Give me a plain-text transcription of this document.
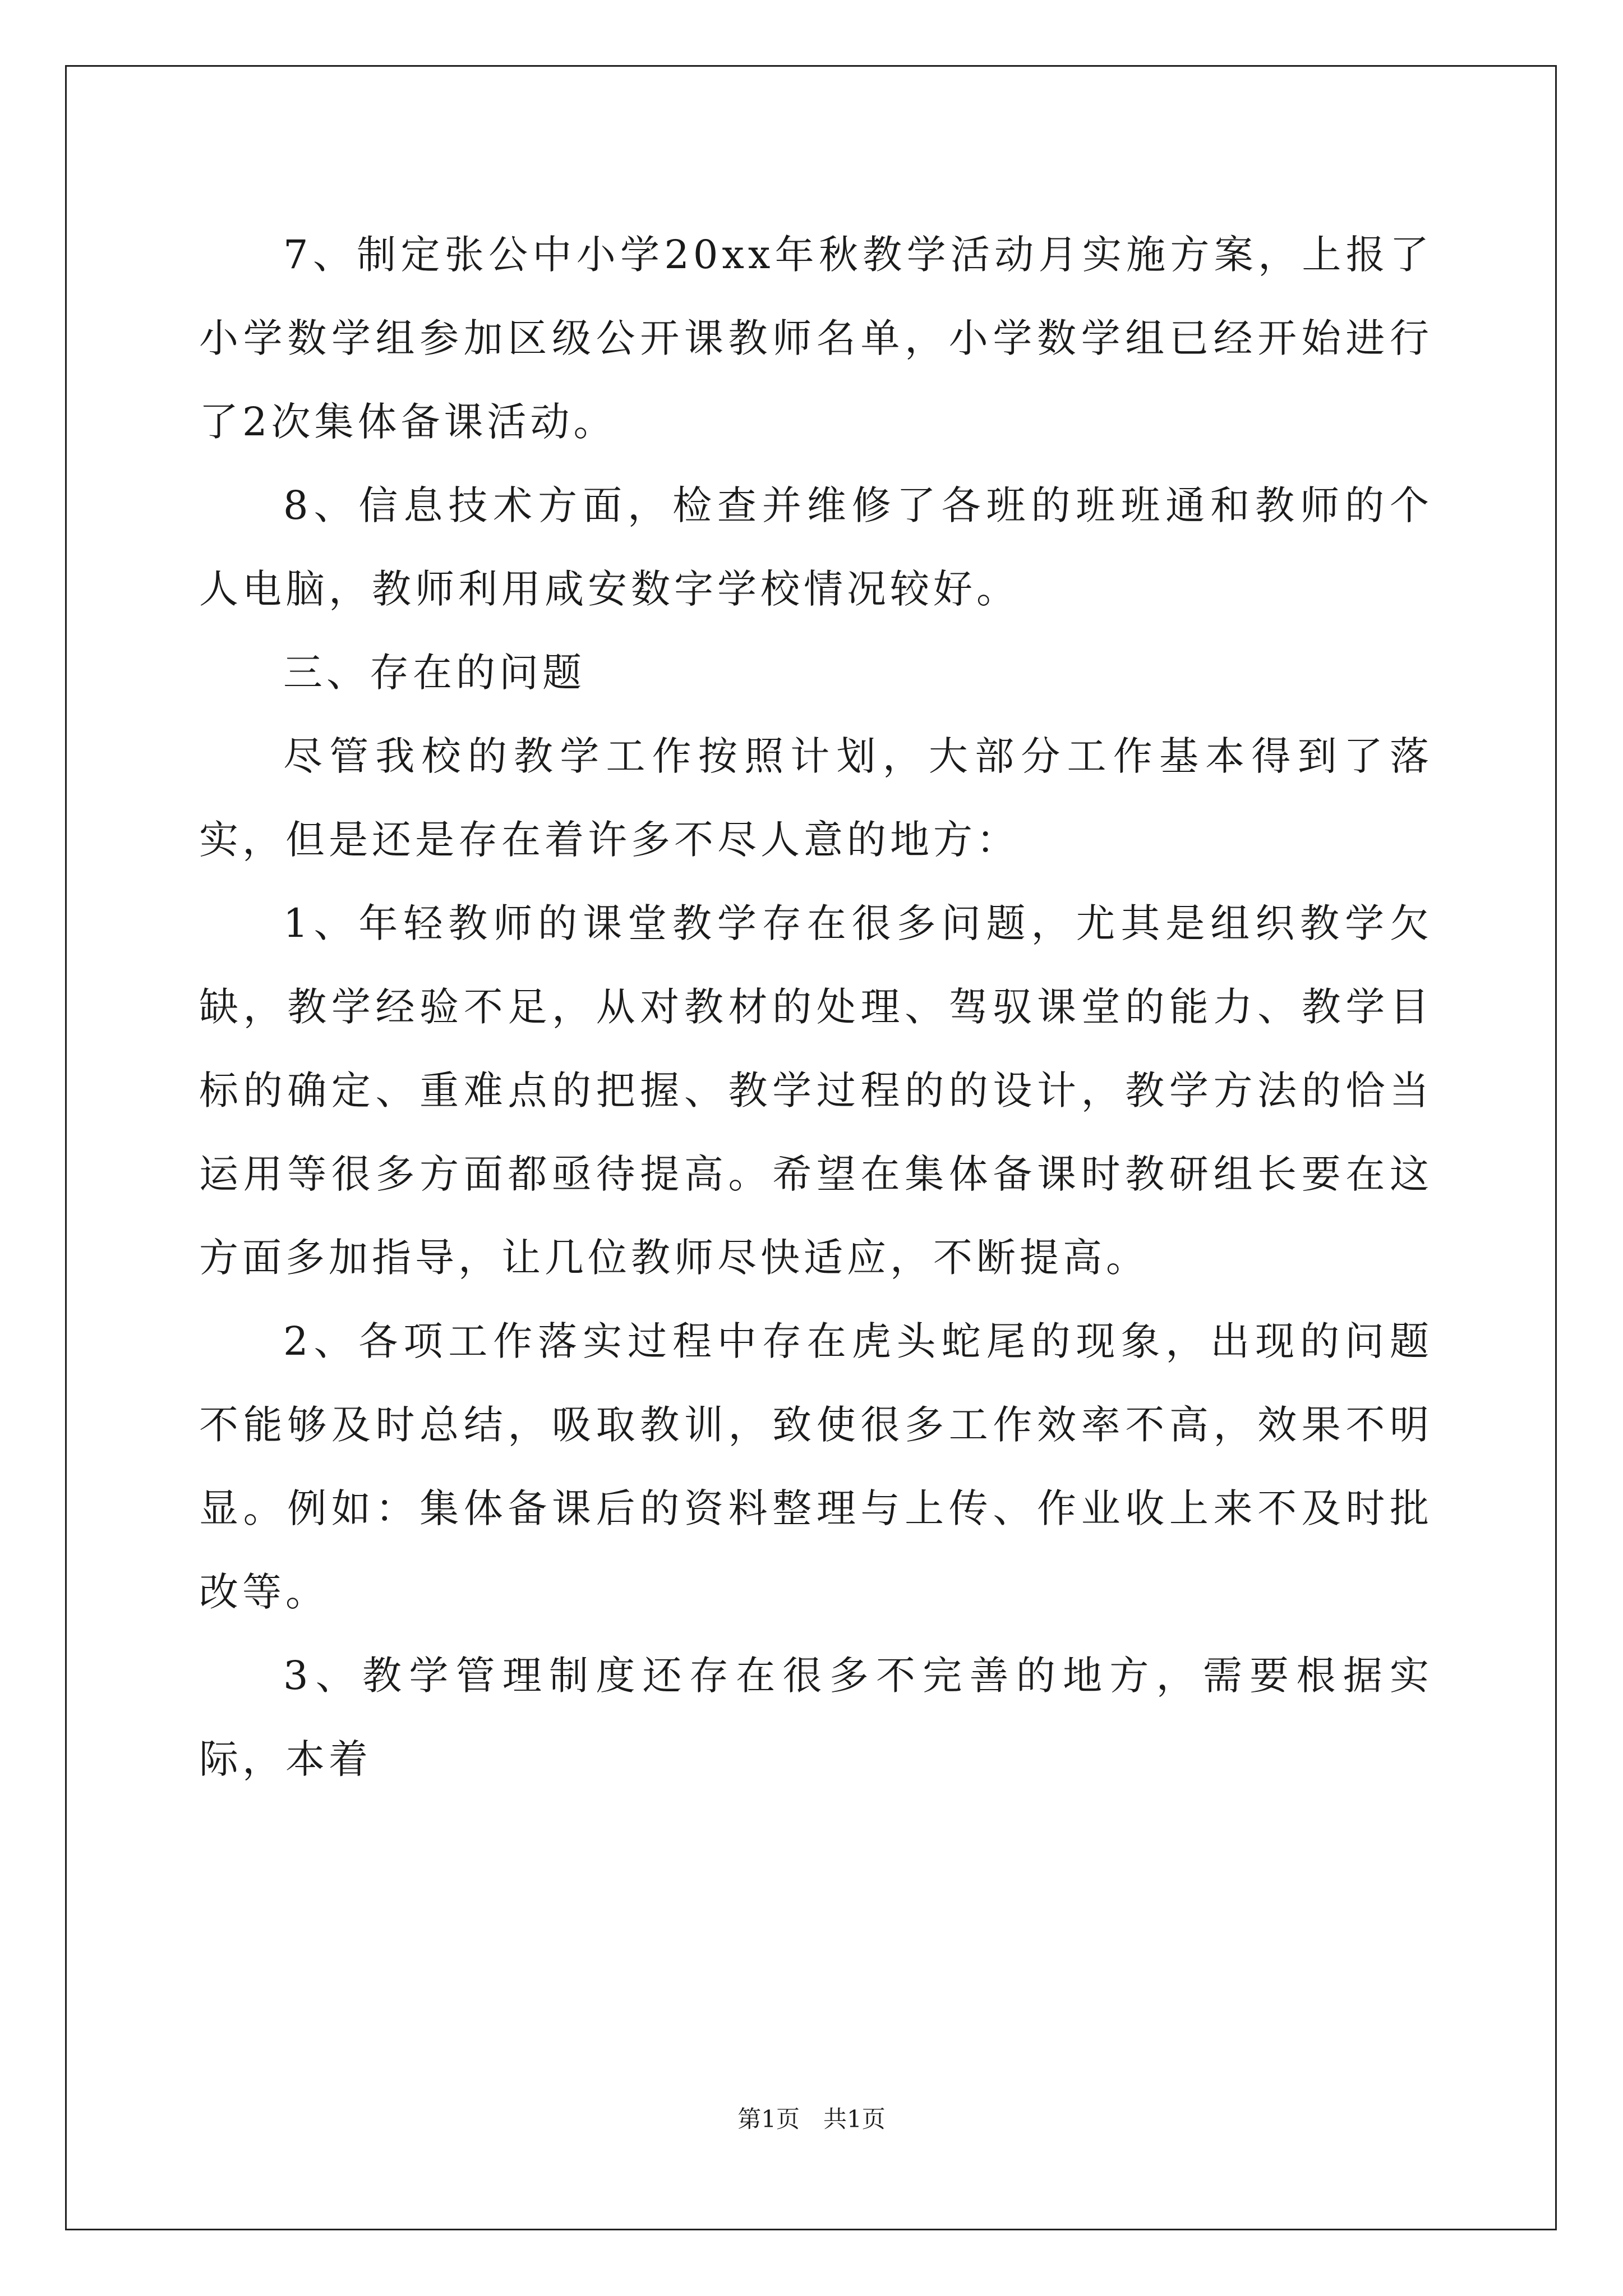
7、制定张公中小学20xx年秋教学活动月实施方案，上报了小学数学组参加区级公开课教师名单，小学数学组已经开始进行了2次集体备课活动。

8、信息技术方面，检查并维修了各班的班班通和教师的个人电脑，教师利用咸安数字学校情况较好。

三、存在的问题

尽管我校的教学工作按照计划，大部分工作基本得到了落实，但是还是存在着许多不尽人意的地方：

1、年轻教师的课堂教学存在很多问题，尤其是组织教学欠缺，教学经验不足，从对教材的处理、驾驭课堂的能力、教学目标的确定、重难点的把握、教学过程的的设计，教学方法的恰当运用等很多方面都亟待提高。希望在集体备课时教研组长要在这方面多加指导，让几位教师尽快适应，不断提高。

2、各项工作落实过程中存在虎头蛇尾的现象，出现的问题不能够及时总结，吸取教训，致使很多工作效率不高，效果不明显。例如：集体备课后的资料整理与上传、作业收上来不及时批改等。

3、教学管理制度还存在很多不完善的地方，需要根据实际，本着

第1页　共1页
